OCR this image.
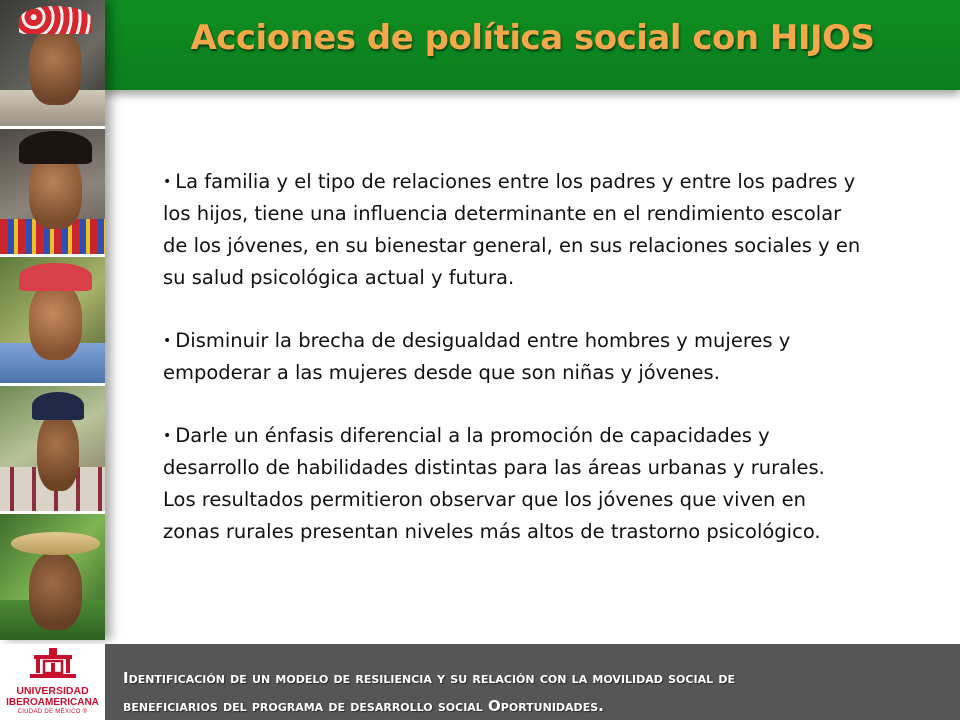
Acciones de política social con HIJOS
• La familia y el tipo de relaciones entre los padres y entre los padres y los hijos, tiene una influencia determinante en el rendimiento escolar de los jóvenes, en su bienestar general, en sus relaciones sociales y en su salud psicológica actual y futura.
• Disminuir la brecha de desigualdad entre hombres y mujeres y empoderar a las mujeres desde que son niñas y jóvenes.
• Darle un énfasis diferencial a la promoción de capacidades y desarrollo de habilidades distintas para las áreas urbanas y rurales. Los resultados permitieron observar que los jóvenes que viven en zonas rurales presentan niveles más altos de trastorno psicológico.
UNIVERSIDAD
IBEROAMERICANA
CIUDAD DE MÉXICO ®
Identificación de un modelo de resiliencia y su relación con la movilidad social de
beneficiarios del programa de desarrollo social Oportunidades.
